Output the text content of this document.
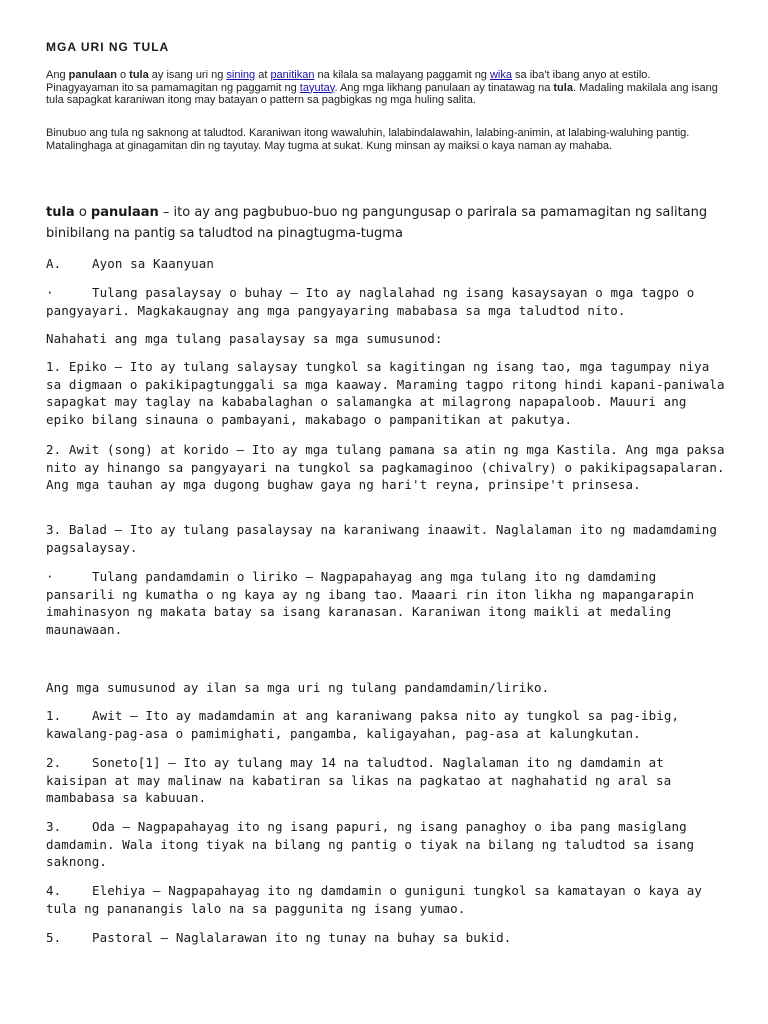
MGA URI NG TULA

Ang panulaan o tula ay isang uri ng sining at panitikan na kilala sa malayang paggamit ng wika sa iba't ibang anyo at estilo. Pinagyayaman ito sa pamamagitan ng paggamit ng tayutay. Ang mga likhang panulaan ay tinatawag na tula. Madaling makilala ang isang tula sapagkat karaniwan itong may batayan o pattern sa pagbigkas ng mga huling salita.

Binubuo ang tula ng saknong at taludtod. Karaniwan itong wawaluhin, lalabindalawahin, lalabing-animin, at lalabing-waluhing pantig. Matalinghaga at ginagamitan din ng tayutay. May tugma at sukat. Kung minsan ay maiksi o kaya naman ay mahaba.

tula o panulaan – ito ay ang pagbubuo-buo ng pangungusap o parirala sa pamamagitan ng salitang binibilang na pantig sa taludtod na pinagtugma-tugma

A. Ayon sa Kaanyuan

·	Tulang pasalaysay o buhay – Ito ay naglalahad ng isang kasaysayan o mga tagpo o pangyayari. Magkakaugnay ang mga pangyayaring mababasa sa mga taludtod nito.

Nahahati ang mga tulang pasalaysay sa mga sumusunod:

1. Epiko – Ito ay tulang salaysay tungkol sa kagitingan ng isang tao, mga tagumpay niya sa digmaan o pakikipagtunggali sa mga kaaway. Maraming tagpo ritong hindi kapani-paniwala sapagkat may taglay na kababalaghan o salamangka at milagrong napapaloob. Mauuri ang epiko bilang sinauna o pambayani, makabago o pampanitikan at pakutya.

2. Awit (song) at korido – Ito ay mga tulang pamana sa atin ng mga Kastila. Ang mga paksa nito ay hinango sa pangyayari na tungkol sa pagkamaginoo (chivalry) o pakikipagsapalaran. Ang mga tauhan ay mga dugong bughaw gaya ng hari't reyna, prinsipe't prinsesa.

3. Balad – Ito ay tulang pasalaysay na karaniwang inaawit. Naglalaman ito ng madamdaming pagsalaysay.

·	Tulang pandamdamin o liriko – Nagpapahayag ang mga tulang ito ng damdaming pansarili ng kumatha o ng kaya ay ng ibang tao. Maaari rin iton likha ng mapangarapin imahinasyon ng makata batay sa isang karanasan. Karaniwan itong maikli at medaling maunawaan.

Ang mga sumusunod ay ilan sa mga uri ng tulang pandamdamin/liriko.

1. Awit – Ito ay madamdamin at ang karaniwang paksa nito ay tungkol sa pag-ibig, kawalang-pag-asa o pamimighati, pangamba, kaligayahan, pag-asa at kalungkutan.

2. Soneto[1] – Ito ay tulang may 14 na taludtod. Naglalaman ito ng damdamin at kaisipan at may malinaw na kabatiran sa likas na pagkatao at naghahatid ng aral sa mambabasa sa kabuuan.

3. Oda – Nagpapahayag ito ng isang papuri, ng isang panaghoy o iba pang masiglang damdamin. Wala itong tiyak na bilang ng pantig o tiyak na bilang ng taludtod sa isang saknong.

4. Elehiya – Nagpapahayag ito ng damdamin o guniguni tungkol sa kamatayan o kaya ay tula ng pananangis lalo na sa paggunita ng isang yumao.

5. Pastoral – Naglalarawan ito ng tunay na buhay sa bukid.
